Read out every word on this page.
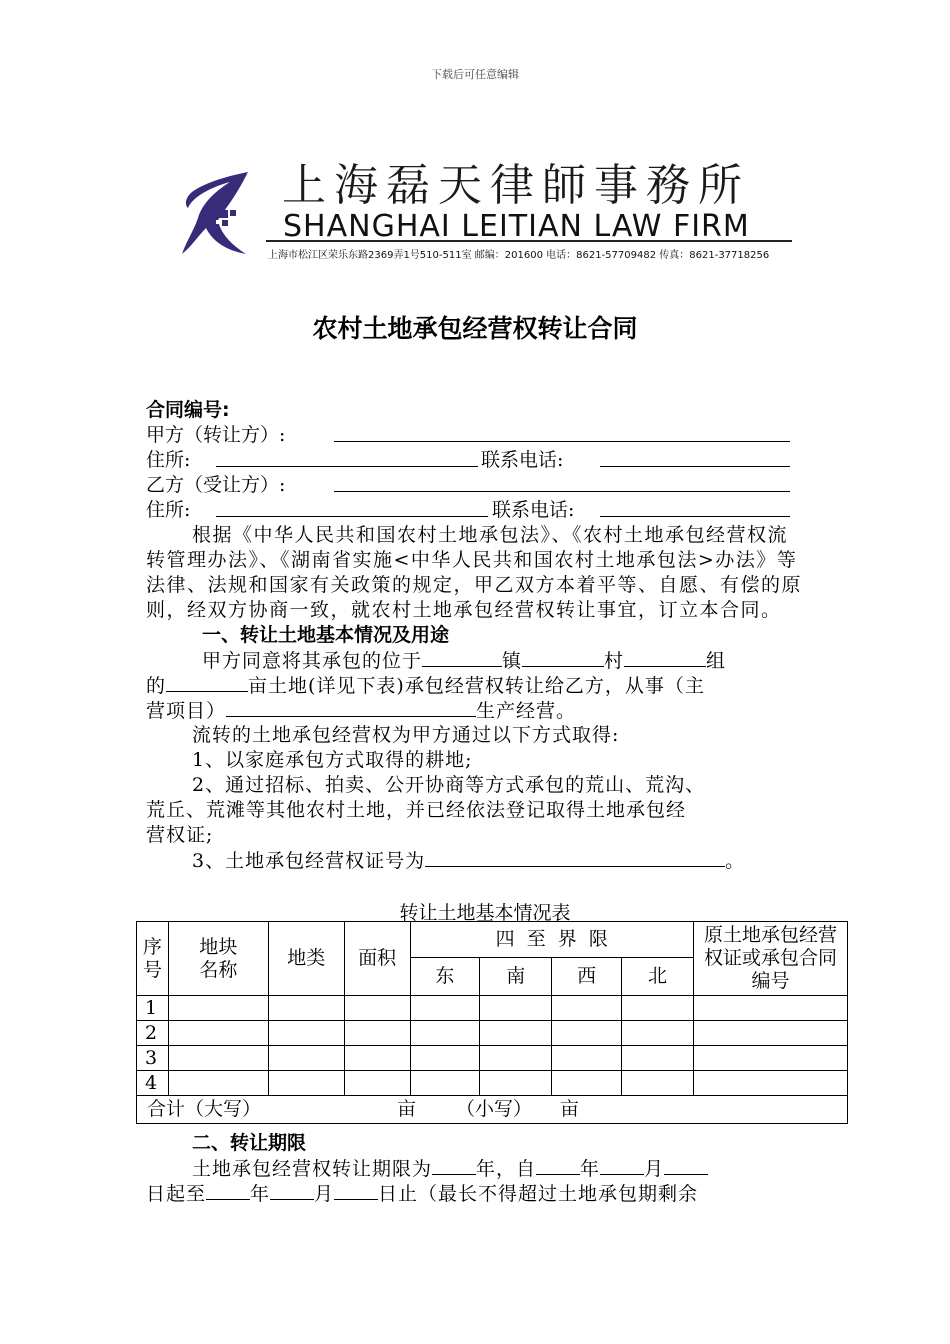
下载后可任意编辑
上海磊天律師事務所
SHANGHAI LEITIAN LAW FIRM
上海市松江区荣乐东路2369弄1号510-511室 邮编：201600 电话：8621-57709482 传真：8621-37718256
农村土地承包经营权转让合同
合同编号:
甲方（转让方）:
住所:	联系电话:
乙方（受让方）:
住所:	联系电话:
根据《中华人民共和国农村土地承包法》、《农村土地承包经营权流转管理办法》、《湖南省实施<中华人民共和国农村土地承包法>办法》等法律、法规和国家有关政策的规定，甲乙双方本着平等、自愿、有偿的原则，经双方协商一致，就农村土地承包经营权转让事宜，订立本合同。
一、转让土地基本情况及用途
甲方同意将其承包的位于	镇	村	组
的	亩土地(详见下表)承包经营权转让给乙方，从事（主
营项目）	生产经营。
流转的土地承包经营权为甲方通过以下方式取得:
1、以家庭承包方式取得的耕地;
2、通过招标、拍卖、公开协商等方式承包的荒山、荒沟、
荒丘、荒滩等其他农村土地，并已经依法登记取得土地承包经
营权证;
3、土地承包经营权证号为	。
转让土地基本情况表
序号	地块名称	地类	面积	四  至  界  限				原土地承包经营权证或承包合同编号
				东	南	西	北	
1								
2								
3								
4								
合计（大写） 亩 （小写） 亩								
二、转让期限
土地承包经营权转让期限为 年，自 年 月
日起至 年 月 日止（最长不得超过土地承包期剩余
